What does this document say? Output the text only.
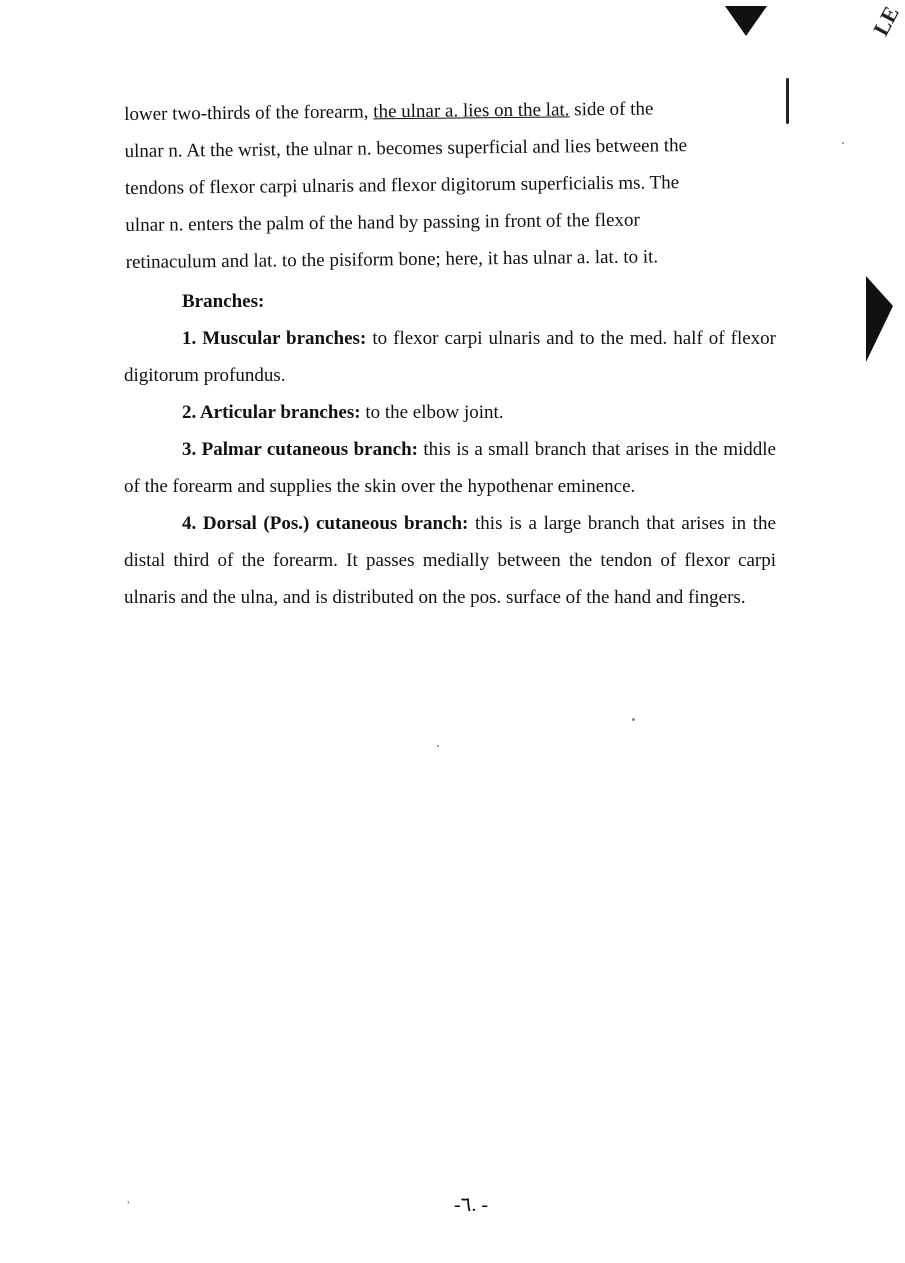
LE

lower two-thirds of the forearm, the ulnar a. lies on the lat. side of the

ulnar n. At the wrist, the ulnar n. becomes superficial and lies between the

tendons of flexor carpi ulnaris and flexor digitorum superficialis ms. The

ulnar n. enters the palm of the hand by passing in front of the flexor

retinaculum and lat. to the pisiform bone; here, it has ulnar a. lat. to it.

Branches:

1. Muscular branches: to flexor carpi ulnaris and to the med. half of flexor digitorum profundus.

2. Articular branches: to the elbow joint.

3. Palmar cutaneous branch: this is a small branch that arises in the middle of the forearm and supplies the skin over the hypothenar eminence.

4. Dorsal (Pos.) cutaneous branch: this is a large branch that arises in the distal third of the forearm. It passes medially between the tendon of flexor carpi ulnaris and the ulna, and is distributed on the pos. surface of the hand and fingers.

-٦. -
ʾ
